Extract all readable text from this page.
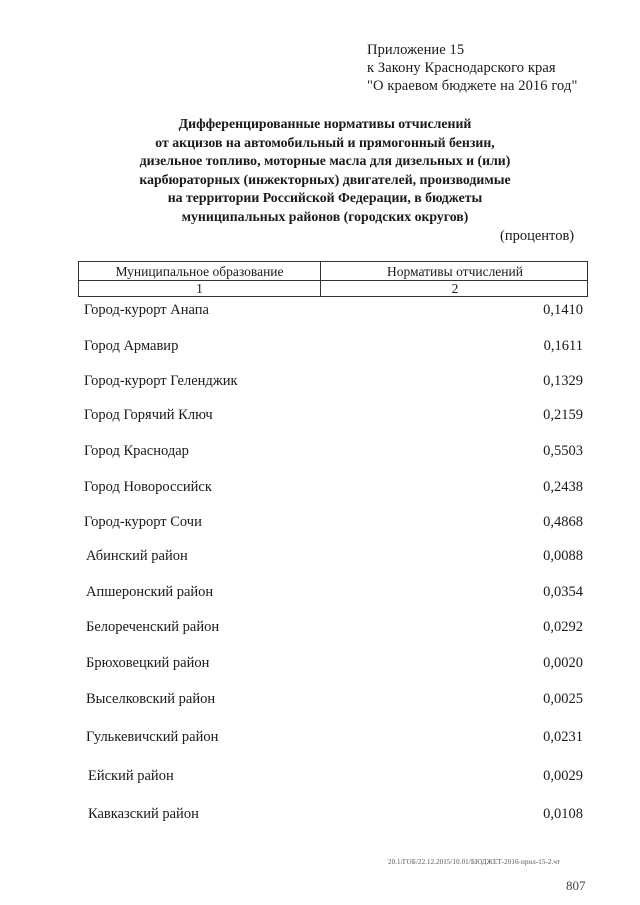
Приложение 15
к Закону Краснодарского края
"О краевом бюджете на 2016 год"
Дифференцированные нормативы отчислений
от акцизов на автомобильный и прямогонный бензин,
дизельное топливо, моторные масла для дизельных и (или)
карбюраторных (инжекторных) двигателей, производимые
на территории Российской Федерации, в бюджеты
муниципальных районов (городских округов)
(процентов)
Муниципальное образование	Нормативы отчислений
1	2
Город-курорт Анапа	0,1410
Город Армавир	0,1611
Город-курорт Геленджик	0,1329
Город Горячий Ключ	0,2159
Город Краснодар	0,5503
Город Новороссийск	0,2438
Город-курорт Сочи	0,4868
Абинский район	0,0088
Апшеронский район	0,0354
Белореченский район	0,0292
Брюховецкий район	0,0020
Выселковский район	0,0025
Гулькевичский район	0,0231
Ейский район	0,0029
Кавказский район	0,0108
20.1/ГОБ/22.12.2015/10.01/БЮДЖЕТ-2016-прил-15-2.чт
807
